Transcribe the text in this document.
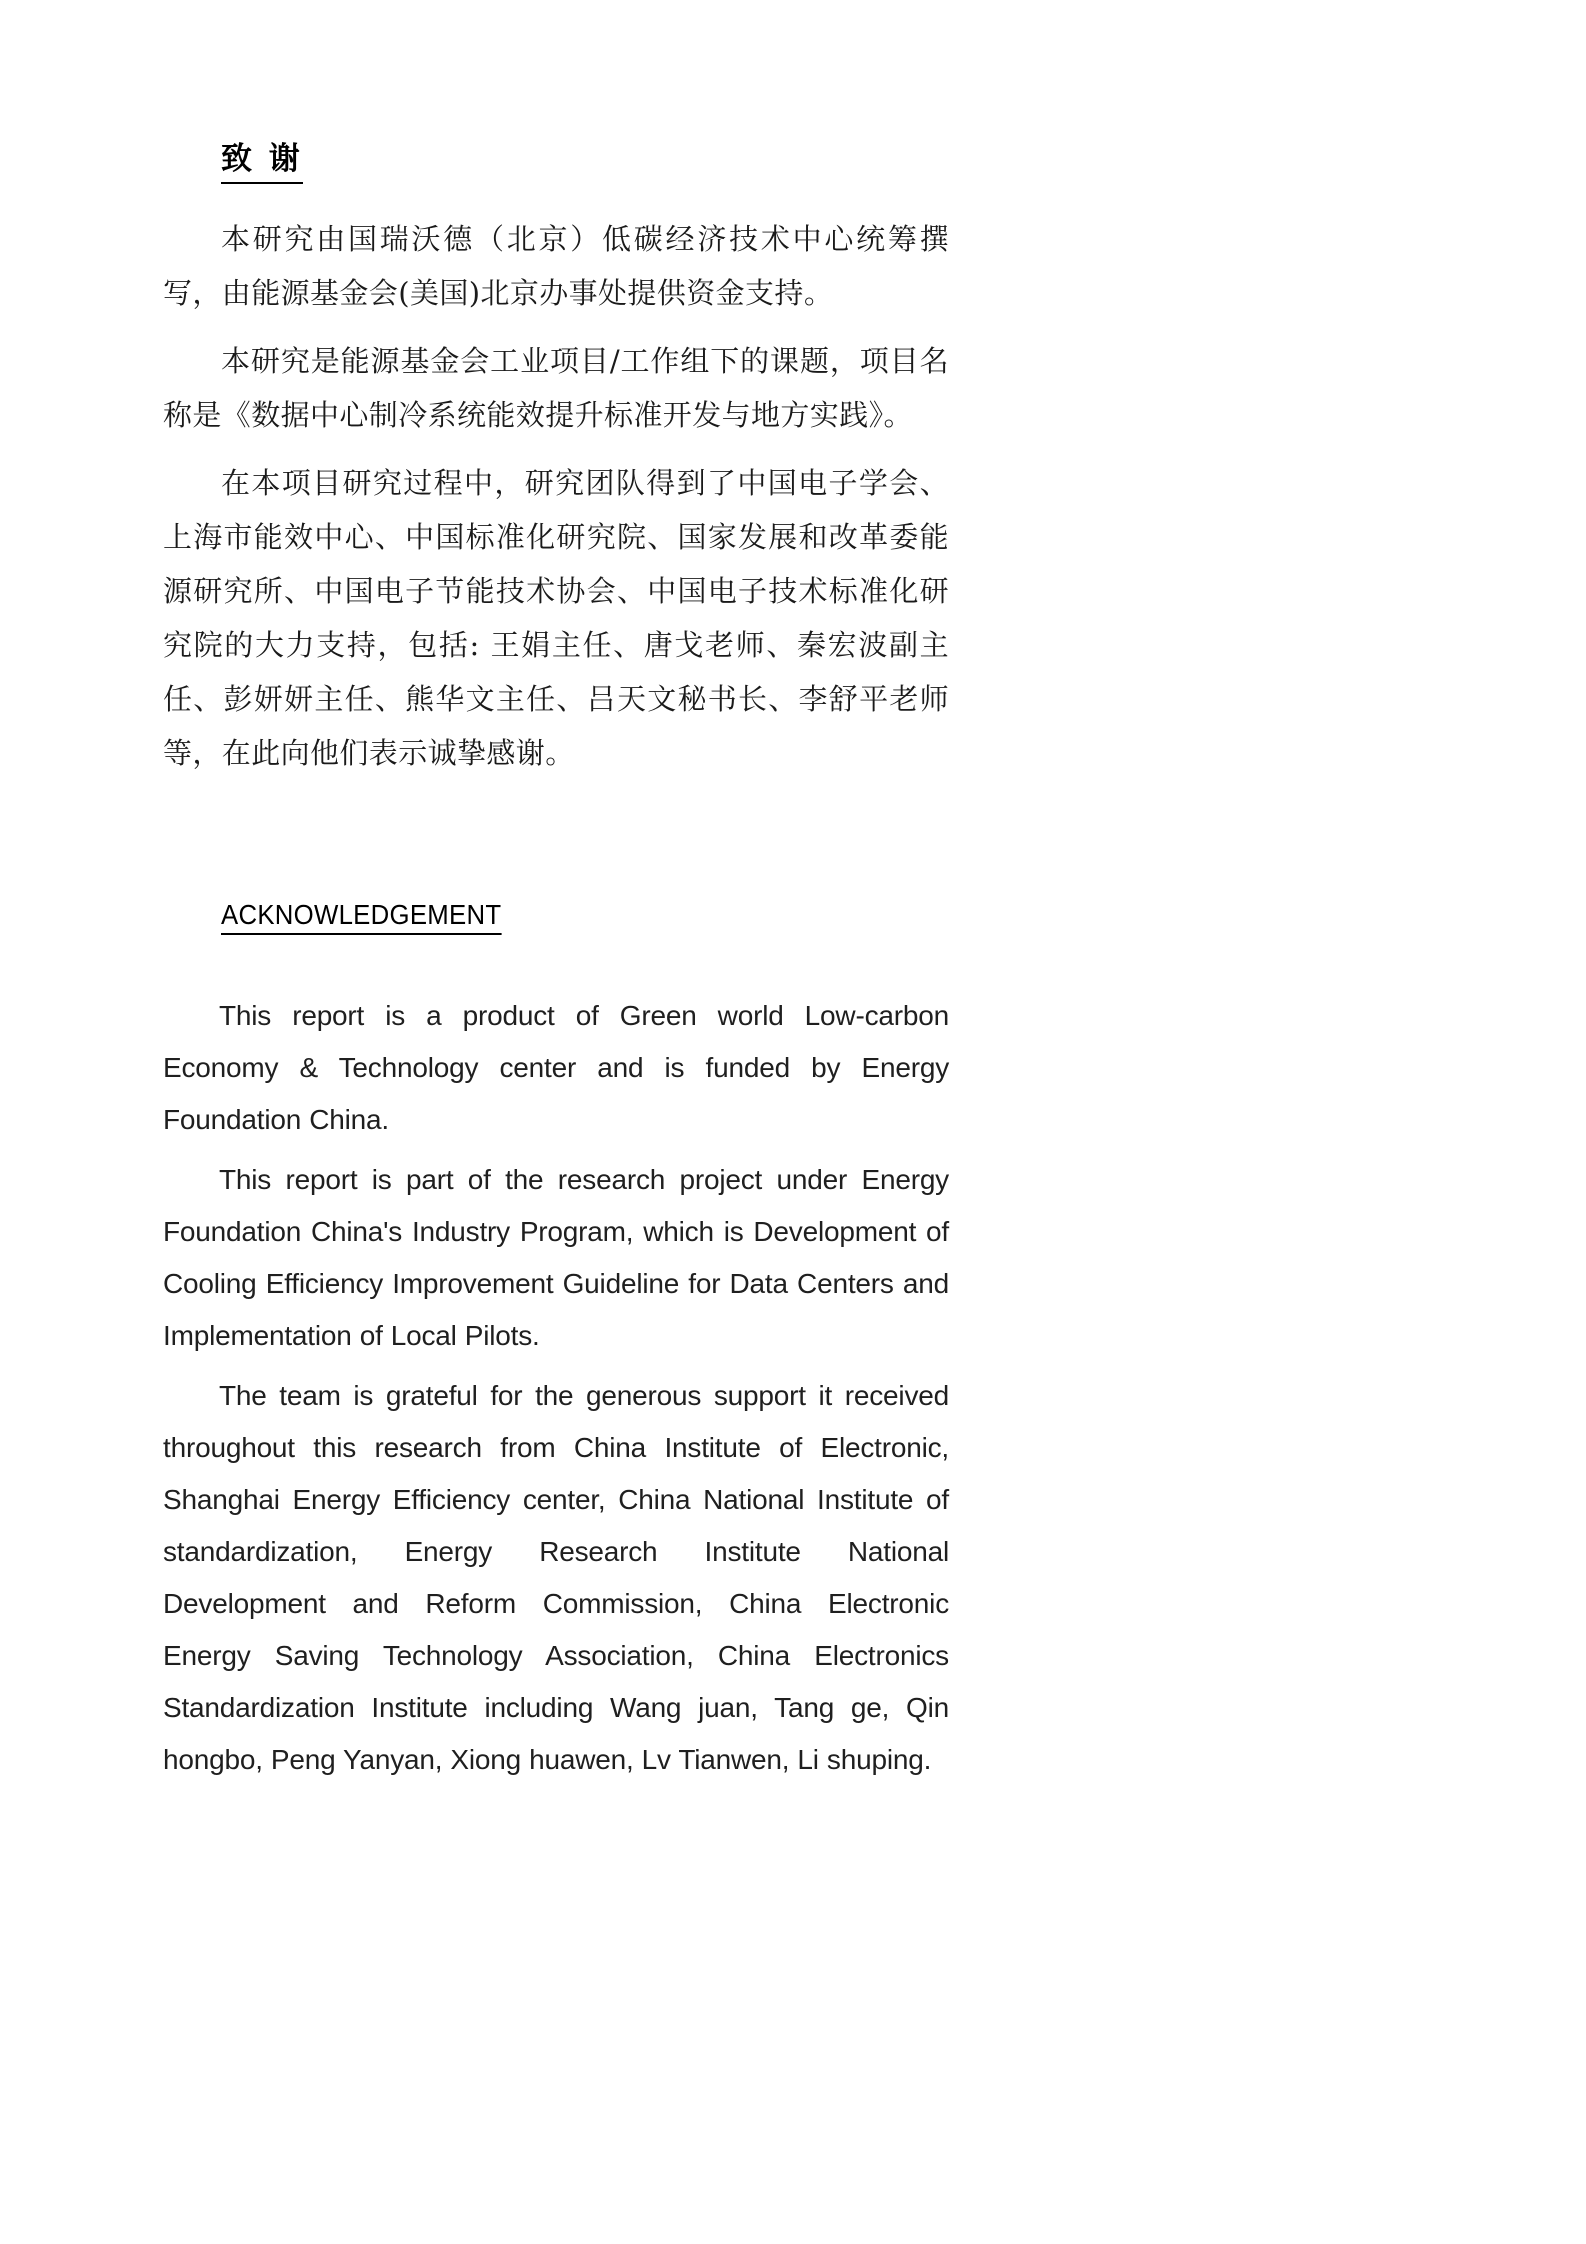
致 谢

本研究由国瑞沃德（北京）低碳经济技术中心统筹撰写，由能源基金会(美国)北京办事处提供资金支持。

本研究是能源基金会工业项目/工作组下的课题，项目名称是《数据中心制冷系统能效提升标准开发与地方实践》。

在本项目研究过程中，研究团队得到了中国电子学会、上海市能效中心、中国标准化研究院、国家发展和改革委能源研究所、中国电子节能技术协会、中国电子技术标准化研究院的大力支持，包括: 王娟主任、唐戈老师、秦宏波副主任、彭妍妍主任、熊华文主任、吕天文秘书长、李舒平老师等，在此向他们表示诚挚感谢。

ACKNOWLEDGEMENT

This report is a product of Green world Low-carbon Economy & Technology center and is funded by Energy Foundation China.

This report is part of the research project under Energy Foundation China's Industry Program, which is Development of Cooling Efficiency Improvement Guideline for Data Centers and Implementation of Local Pilots.

The team is grateful for the generous support it received throughout this research from China Institute of Electronic, Shanghai Energy Efficiency center, China National Institute of standardization, Energy Research Institute National Development and Reform Commission, China Electronic Energy Saving Technology Association, China Electronics Standardization Institute including Wang juan, Tang ge, Qin hongbo, Peng Yanyan, Xiong huawen, Lv Tianwen, Li shuping.
